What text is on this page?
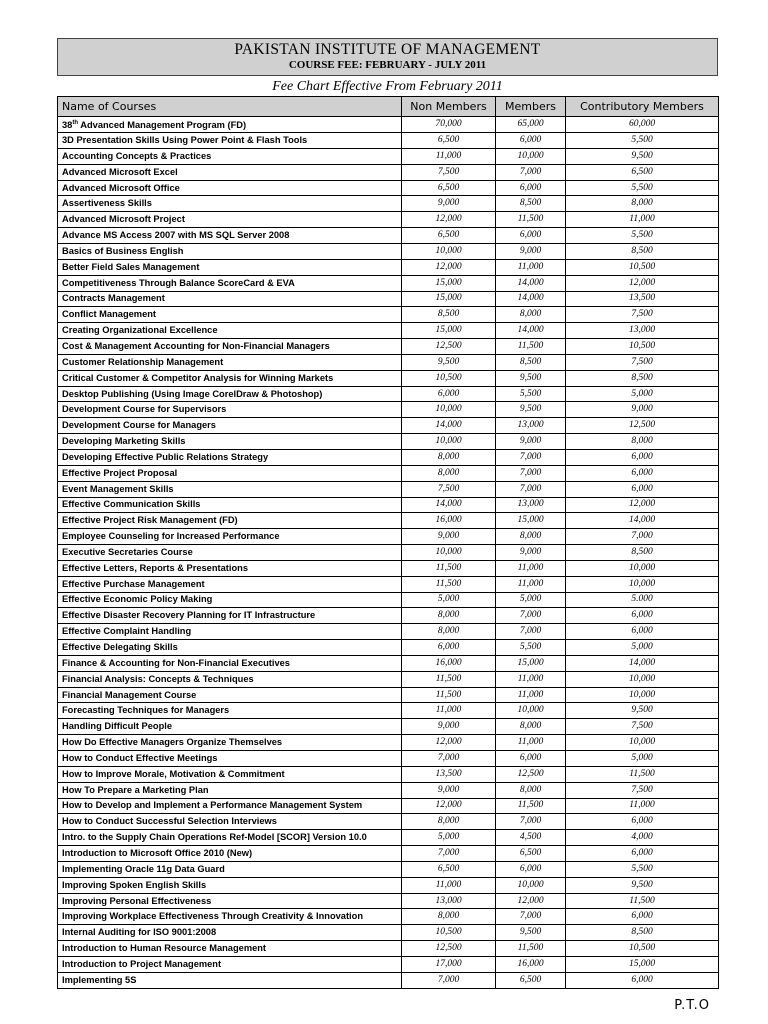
PAKISTAN INSTITUTE OF MANAGEMENT
COURSE FEE: FEBRUARY - JULY 2011
Fee Chart Effective From February 2011
Name of Courses	Non Members	Members	Contributory Members
38th Advanced Management Program (FD)	70,000	65,000	60,000
3D Presentation Skills Using Power Point & Flash Tools	6,500	6,000	5,500
Accounting Concepts & Practices	11,000	10,000	9,500
Advanced Microsoft Excel	7,500	7,000	6,500
Advanced Microsoft Office	6,500	6,000	5,500
Assertiveness Skills	9,000	8,500	8,000
Advanced Microsoft Project	12,000	11,500	11,000
Advance MS Access 2007 with MS SQL Server 2008	6,500	6,000	5,500
Basics of Business English	10,000	9,000	8,500
Better Field Sales Management	12,000	11,000	10,500
Competitiveness Through Balance ScoreCard & EVA	15,000	14,000	12,000
Contracts Management	15,000	14,000	13,500
Conflict Management	8,500	8,000	7,500
Creating Organizational Excellence	15,000	14,000	13,000
Cost & Management Accounting for Non-Financial Managers	12,500	11,500	10,500
Customer Relationship Management	9,500	8,500	7,500
Critical Customer & Competitor Analysis for Winning Markets	10,500	9,500	8,500
Desktop Publishing (Using Image CorelDraw & Photoshop)	6,000	5,500	5,000
Development Course for Supervisors	10,000	9,500	9,000
Development Course for Managers	14,000	13,000	12,500
Developing Marketing Skills	10,000	9,000	8,000
Developing Effective Public Relations Strategy	8,000	7,000	6,000
Effective Project Proposal	8,000	7,000	6,000
Event Management Skills	7,500	7,000	6,000
Effective Communication Skills	14,000	13,000	12,000
Effective Project Risk Management (FD)	16,000	15,000	14,000
Employee Counseling for Increased Performance	9,000	8,000	7,000
Executive Secretaries Course	10,000	9,000	8,500
Effective Letters, Reports & Presentations	11,500	11,000	10,000
Effective Purchase Management	11,500	11,000	10,000
Effective Economic Policy Making	5,000	5,000	5.000
Effective Disaster Recovery Planning for IT Infrastructure	8,000	7,000	6,000
Effective Complaint Handling	8,000	7,000	6,000
Effective Delegating Skills	6,000	5,500	5,000
Finance & Accounting for Non-Financial Executives	16,000	15,000	14,000
Financial Analysis: Concepts & Techniques	11,500	11,000	10,000
Financial Management Course	11,500	11,000	10,000
Forecasting Techniques for Managers	11,000	10,000	9,500
Handling Difficult People	9,000	8,000	7,500
How Do Effective Managers Organize Themselves	12,000	11,000	10,000
How to Conduct Effective Meetings	7,000	6,000	5,000
How to Improve Morale, Motivation & Commitment	13,500	12,500	11,500
How To Prepare a Marketing Plan	9,000	8,000	7,500
How to Develop and Implement a Performance Management System	12,000	11,500	11,000
How to Conduct Successful Selection Interviews	8,000	7,000	6,000
Intro. to the Supply Chain Operations Ref-Model [SCOR] Version 10.0	5,000	4,500	4,000
Introduction to Microsoft Office 2010 (New)	7,000	6,500	6,000
Implementing Oracle 11g Data Guard	6,500	6,000	5,500
Improving Spoken English Skills	11,000	10,000	9,500
Improving Personal Effectiveness	13,000	12,000	11,500
Improving Workplace Effectiveness Through Creativity & Innovation	8,000	7,000	6,000
Internal Auditing for ISO 9001:2008	10,500	9,500	8,500
Introduction to Human Resource Management	12,500	11,500	10,500
Introduction to Project Management	17,000	16,000	15,000
Implementing 5S	7,000	6,500	6,000
P.T.O
